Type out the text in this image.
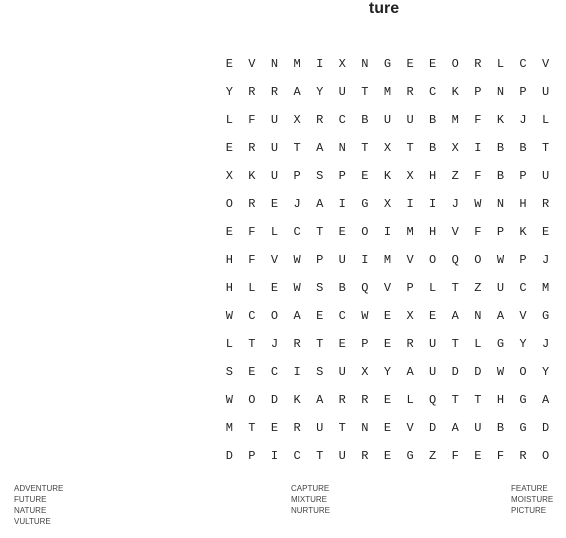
ture
E	V	N	M	I	X	N	G	E	E	O	R	L	C	V
Y	R	R	A	Y	U	T	M	R	C	K	P	N	P	U
L	F	U	X	R	C	B	U	U	B	M	F	K	J	L
E	R	U	T	A	N	T	X	T	B	X	I	B	B	T
X	K	U	P	S	P	E	K	X	H	Z	F	B	P	U
O	R	E	J	A	I	G	X	I	I	J	W	N	H	R
E	F	L	C	T	E	O	I	M	H	V	F	P	K	E
H	F	V	W	P	U	I	M	V	O	Q	O	W	P	J
H	L	E	W	S	B	Q	V	P	L	T	Z	U	C	M
W	C	O	A	E	C	W	E	X	E	A	N	A	V	G
L	T	J	R	T	E	P	E	R	U	T	L	G	Y	J
S	E	C	I	S	U	X	Y	A	U	D	D	W	O	Y
W	O	D	K	A	R	R	E	L	Q	T	T	H	G	A
M	T	E	R	U	T	N	E	V	D	A	U	B	G	D
D	P	I	C	T	U	R	E	G	Z	F	E	F	R	O
ADVENTURE
FUTURE
NATURE
VULTURE
CAPTURE
MIXTURE
NURTURE
FEATURE
MOISTURE
PICTURE
